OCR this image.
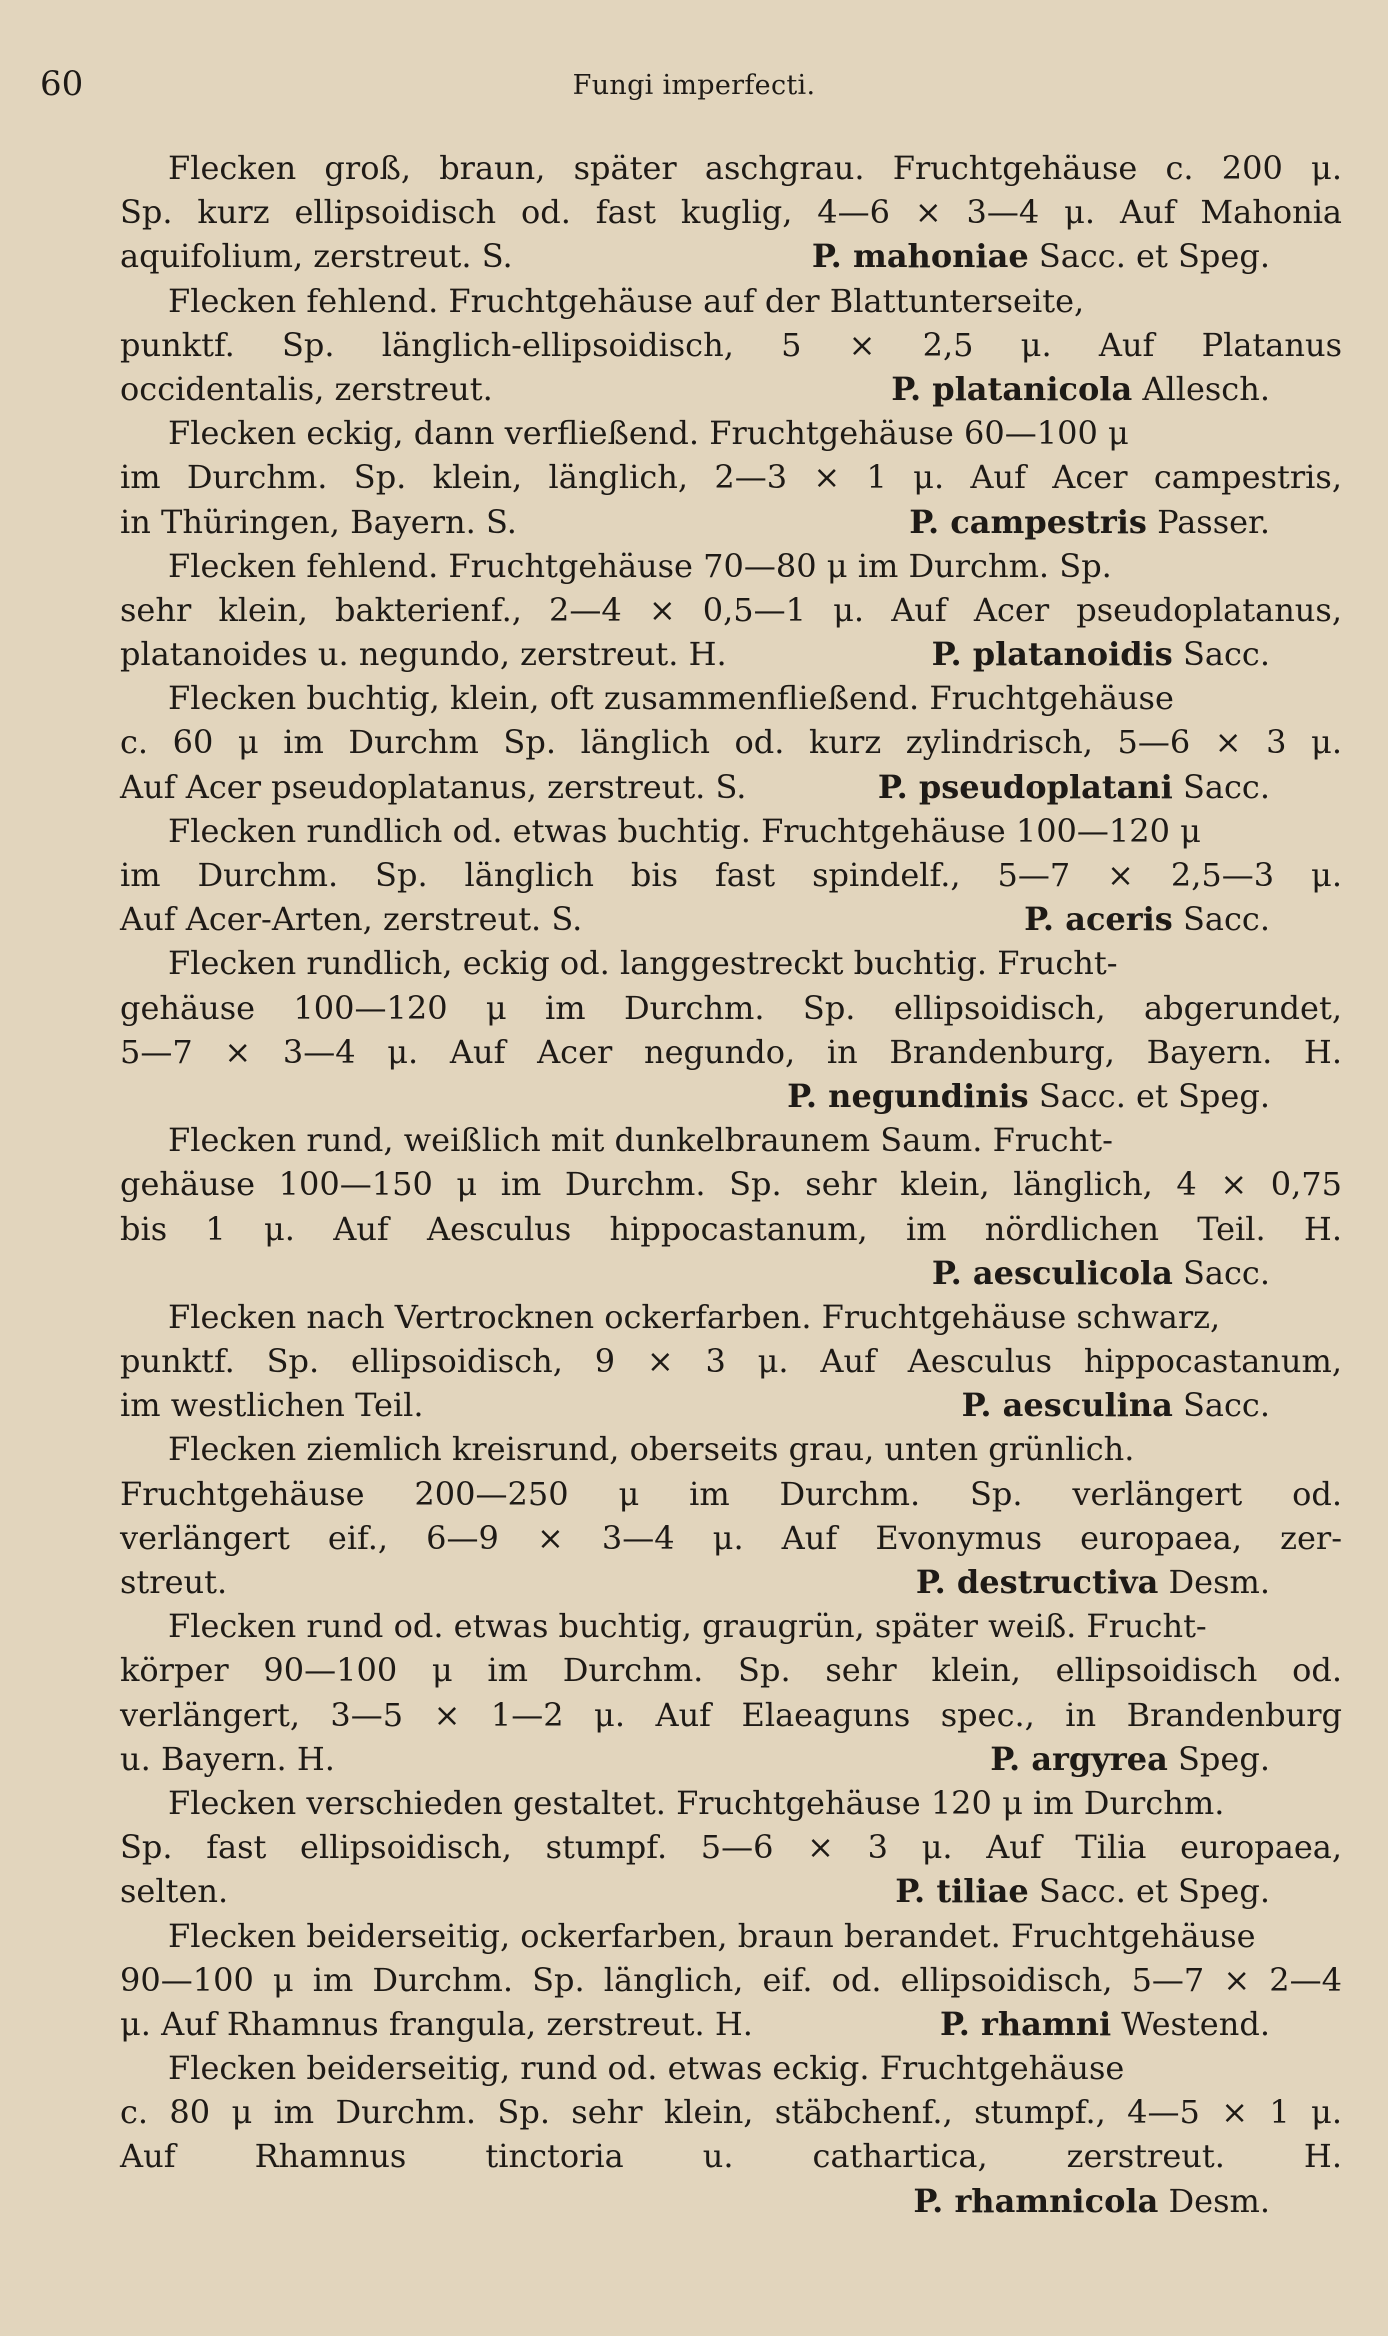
60	Fungi imperfecti.
Flecken groß, braun, später aschgrau. Fruchtgehäuse c. 200 μ.
Sp. kurz ellipsoidisch od. fast kuglig, 4—6 × 3—4 μ. Auf Mahonia
aquifolium, zerstreut. S.	P. mahoniae Sacc. et Speg.
Flecken fehlend. Fruchtgehäuse auf der Blattunterseite,
punktf. Sp. länglich-ellipsoidisch, 5 × 2,5 μ. Auf Platanus
occidentalis, zerstreut.	P. platanicola Allesch.
Flecken eckig, dann verfließend. Fruchtgehäuse 60—100 μ
im Durchm. Sp. klein, länglich, 2—3 × 1 μ. Auf Acer campestris,
in Thüringen, Bayern. S.	P. campestris Passer.
Flecken fehlend. Fruchtgehäuse 70—80 μ im Durchm. Sp.
sehr klein, bakterienf., 2—4 × 0,5—1 μ. Auf Acer pseudoplatanus,
platanoides u. negundo, zerstreut. H.	P. platanoidis Sacc.
Flecken buchtig, klein, oft zusammenfließend. Fruchtgehäuse
c. 60 μ im Durchm Sp. länglich od. kurz zylindrisch, 5—6 × 3 μ.
Auf Acer pseudoplatanus, zerstreut. S.	P. pseudoplatani Sacc.
Flecken rundlich od. etwas buchtig. Fruchtgehäuse 100—120 μ
im Durchm. Sp. länglich bis fast spindelf., 5—7 × 2,5—3 μ.
Auf Acer-Arten, zerstreut. S.	P. aceris Sacc.
Flecken rundlich, eckig od. langgestreckt buchtig. Frucht-
gehäuse 100—120 μ im Durchm. Sp. ellipsoidisch, abgerundet,
5—7 × 3—4 μ. Auf Acer negundo, in Brandenburg, Bayern. H.
P. negundinis Sacc. et Speg.
Flecken rund, weißlich mit dunkelbraunem Saum. Frucht-
gehäuse 100—150 μ im Durchm. Sp. sehr klein, länglich, 4 × 0,75
bis 1 μ. Auf Aesculus hippocastanum, im nördlichen Teil. H.
P. aesculicola Sacc.
Flecken nach Vertrocknen ockerfarben. Fruchtgehäuse schwarz,
punktf. Sp. ellipsoidisch, 9 × 3 μ. Auf Aesculus hippocastanum,
im westlichen Teil.	P. aesculina Sacc.
Flecken ziemlich kreisrund, oberseits grau, unten grünlich.
Fruchtgehäuse 200—250 μ im Durchm. Sp. verlängert od.
verlängert eif., 6—9 × 3—4 μ. Auf Evonymus europaea, zer-
streut.	P. destructiva Desm.
Flecken rund od. etwas buchtig, graugrün, später weiß. Frucht-
körper 90—100 μ im Durchm. Sp. sehr klein, ellipsoidisch od.
verlängert, 3—5 × 1—2 μ. Auf Elaeaguns spec., in Brandenburg
u. Bayern. H.	P. argyrea Speg.
Flecken verschieden gestaltet. Fruchtgehäuse 120 μ im Durchm.
Sp. fast ellipsoidisch, stumpf. 5—6 × 3 μ. Auf Tilia europaea,
selten.	P. tiliae Sacc. et Speg.
Flecken beiderseitig, ockerfarben, braun berandet. Fruchtgehäuse
90—100 μ im Durchm. Sp. länglich, eif. od. ellipsoidisch, 5—7 × 2—4
μ. Auf Rhamnus frangula, zerstreut. H.	P. rhamni Westend.
Flecken beiderseitig, rund od. etwas eckig. Fruchtgehäuse
c. 80 μ im Durchm. Sp. sehr klein, stäbchenf., stumpf., 4—5 × 1 μ.
Auf Rhamnus tinctoria u. cathartica, zerstreut. H.
P. rhamnicola Desm.
